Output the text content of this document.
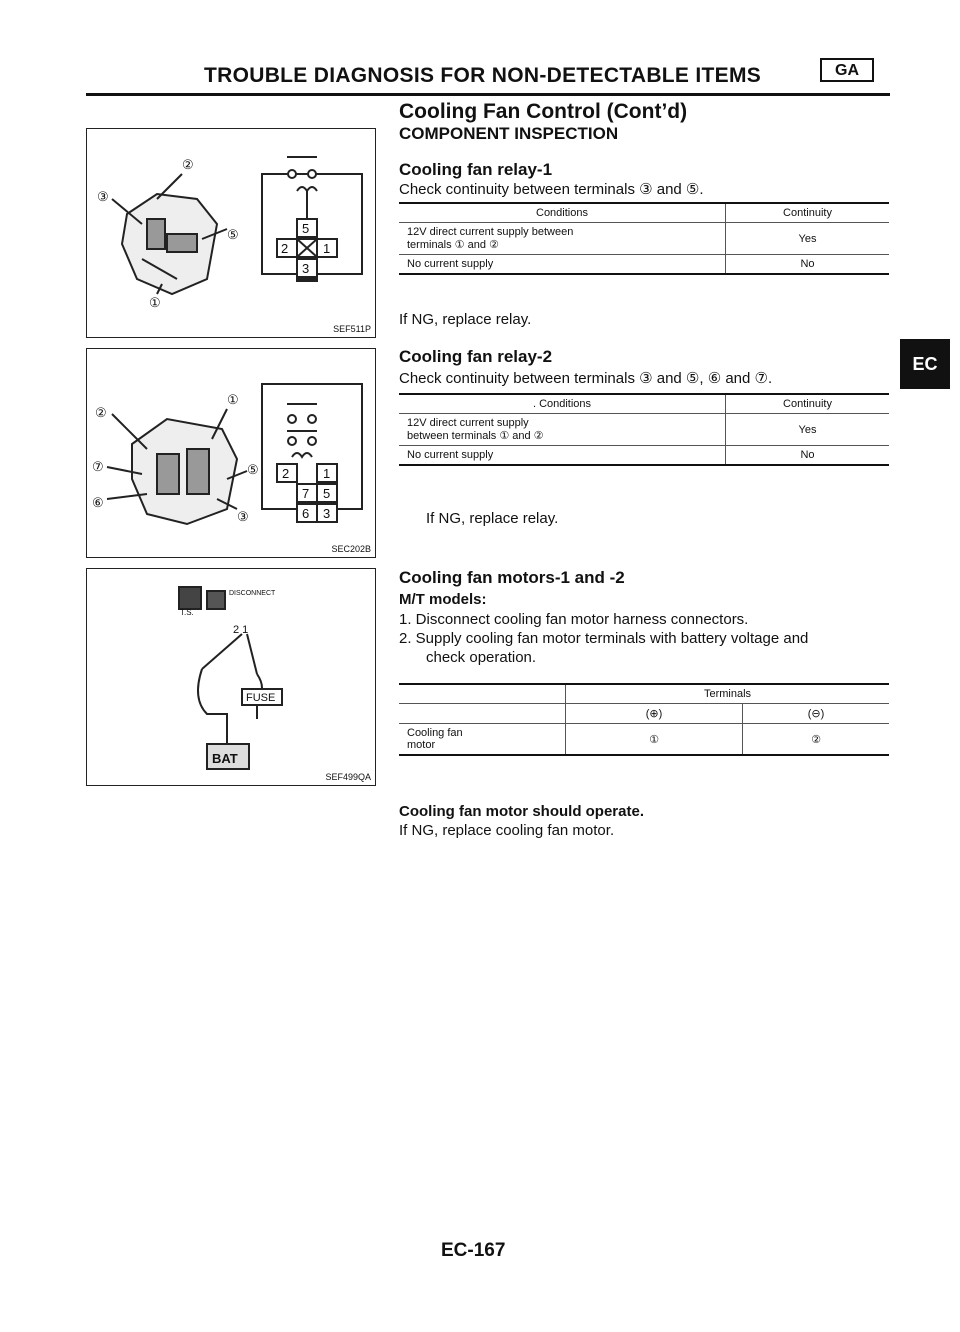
TROUBLE DIAGNOSIS FOR NON-DETECTABLE ITEMS	GA
Cooling Fan Control (Cont’d)
COMPONENT INSPECTION
EC
②
③
⑤
①
5
2	1
3
SEF511P
②
①
⑦	⑤
⑥
③
2	1
7 5
6 3
SEC202B
DISCONNECT
T.S.
2 1
FUSE
BAT
SEF499QA
Cooling fan relay-1
Check continuity between terminals ③ and ⑤.
Conditions	Continuity

12V direct current supply between
terminals ① and ②	Yes
No current supply	No
If NG, replace relay.
Cooling fan relay-2
Check continuity between terminals ③ and ⑤, ⑥ and ⑦.
. Conditions	Continuity

12V direct current supply
between terminals ① and ②	Yes
No current supply	No
If NG, replace relay.
Cooling fan motors-1 and -2
M/T models:
1. Disconnect cooling fan motor harness connectors.
2. Supply cooling fan motor terminals with battery voltage and
check operation.
	Terminals	
	(⊕)	(⊖)

Cooling fan
motor	①	②
Cooling fan motor should operate.
If NG, replace cooling fan motor.
EC-167
